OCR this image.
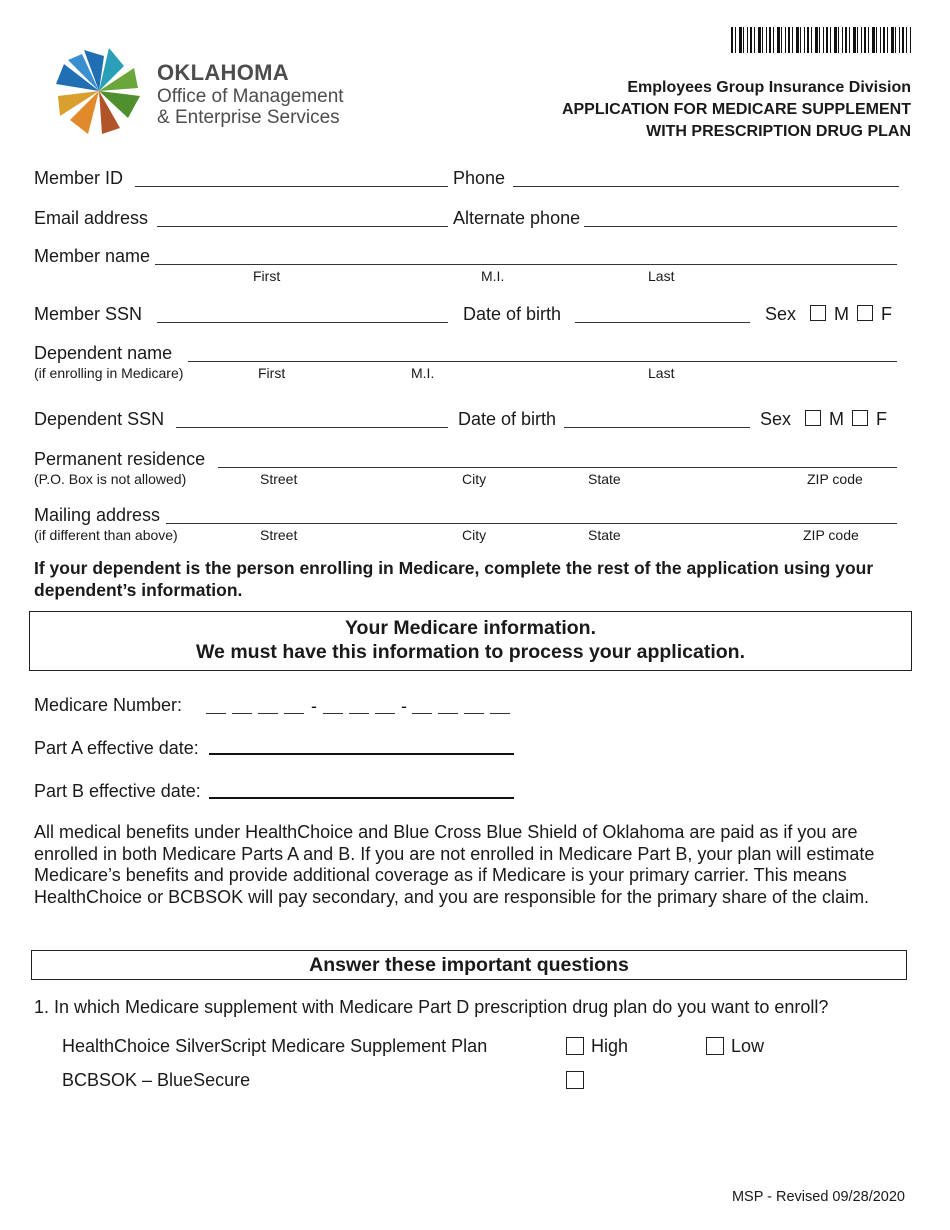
OKLAHOMA
Office of Management
& Enterprise Services
Employees Group Insurance Division
APPLICATION FOR MEDICARE SUPPLEMENT
WITH PRESCRIPTION DRUG PLAN
Member ID	Phone
Email address	Alternate phone
Member name
First	M.I.	Last
Member SSN	Date of birth	Sex M F
Dependent name
(if enrolling in Medicare)	First	M.I.	Last
Dependent SSN	Date of birth	Sex M F
Permanent residence
(P.O. Box is not allowed)	Street	City	State	ZIP code
Mailing address
(if different than above)	Street	City	State	ZIP code
If your dependent is the person enrolling in Medicare, complete the rest of the application using your dependent’s information.
Your Medicare information.
We must have this information to process your application.
Medicare Number:	-	-
Part A effective date:
Part B effective date:
All medical benefits under HealthChoice and Blue Cross Blue Shield of Oklahoma are paid as if you are enrolled in both Medicare Parts A and B. If you are not enrolled in Medicare Part B, your plan will estimate Medicare’s benefits and provide additional coverage as if Medicare is your primary carrier. This means HealthChoice or BCBSOK will pay secondary, and you are responsible for the primary share of the claim.
Answer these important questions
1. In which Medicare supplement with Medicare Part D prescription drug plan do you want to enroll?
HealthChoice SilverScript Medicare Supplement Plan	High	Low
BCBSOK – BlueSecure
MSP - Revised 09/28/2020
